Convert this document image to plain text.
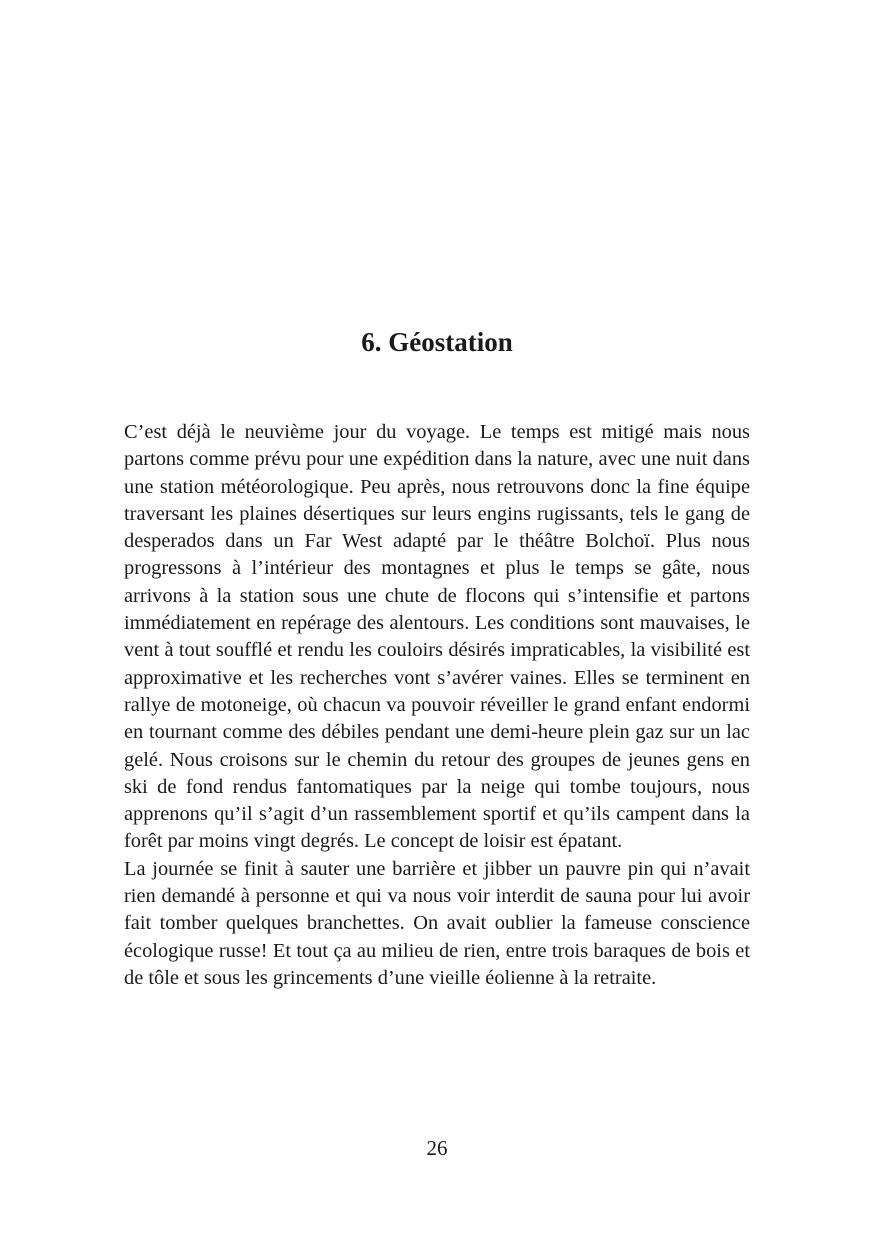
6. Géostation

C’est déjà le neuvième jour du voyage. Le temps est mitigé mais nous partons comme prévu pour une expédition dans la nature, avec une nuit dans une station météorologique. Peu après, nous retrouvons donc la fine équipe traversant les plaines désertiques sur leurs engins rugissants, tels le gang de desperados dans un Far West adapté par le théâtre Bolchoï. Plus nous progressons à l’intérieur des montagnes et plus le temps se gâte, nous arrivons à la station sous une chute de flocons qui s’intensifie et partons immédiatement en repérage des alentours. Les conditions sont mauvaises, le vent à tout soufflé et rendu les couloirs désirés impraticables, la visibilité est approximative et les recherches vont s’avérer vaines. Elles se terminent en rallye de motoneige, où chacun va pouvoir réveiller le grand enfant endormi en tournant comme des débiles pendant une demi-heure plein gaz sur un lac gelé. Nous croisons sur le chemin du retour des groupes de jeunes gens en ski de fond rendus fantomatiques par la neige qui tombe toujours, nous apprenons qu’il s’agit d’un rassemblement sportif et qu’ils campent dans la forêt par moins vingt degrés. Le concept de loisir est épatant.

La journée se finit à sauter une barrière et jibber un pauvre pin qui n’avait rien demandé à personne et qui va nous voir interdit de sauna pour lui avoir fait tomber quelques branchettes. On avait oublier la fameuse conscience écologique russe! Et tout ça au milieu de rien, entre trois baraques de bois et de tôle et sous les grincements d’une vieille éolienne à la retraite.

26
